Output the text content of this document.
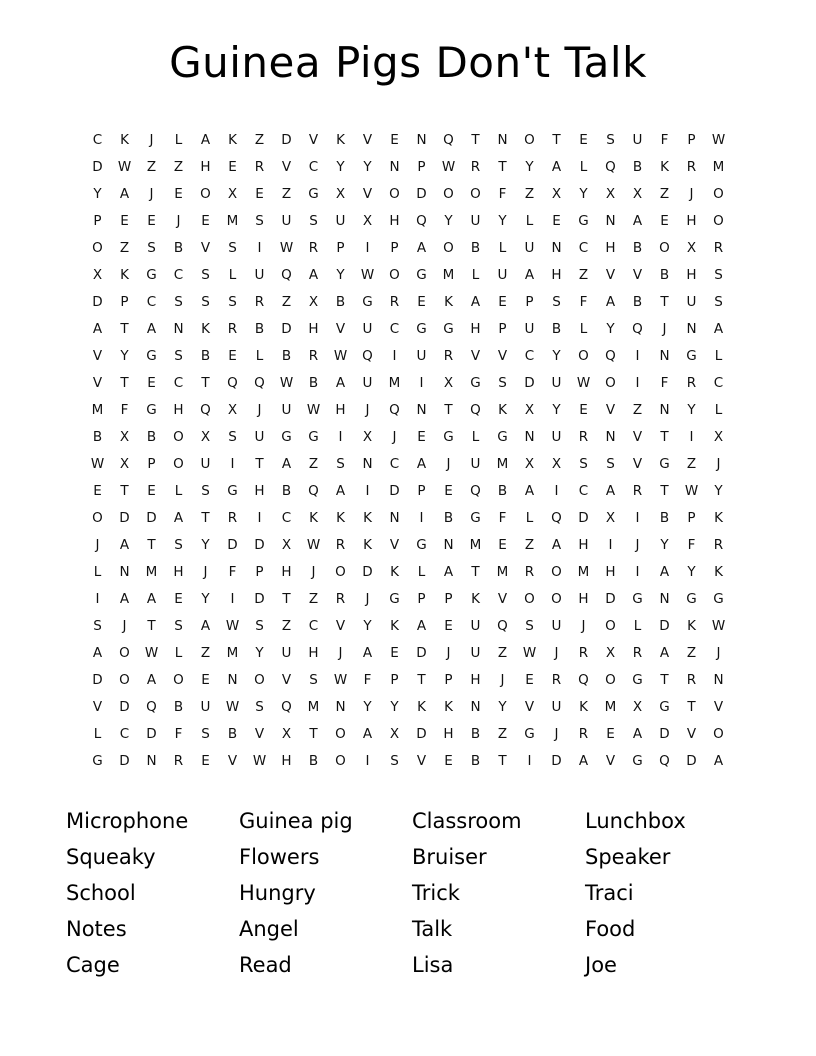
Guinea Pigs Don't Talk
C	K	J	L	A	K	Z	D	V	K	V	E	N	Q	T	N	O	T	E	S	U	F	P	W
D	W	Z	Z	H	E	R	V	C	Y	Y	N	P	W	R	T	Y	A	L	Q	B	K	R	M
Y	A	J	E	O	X	E	Z	G	X	V	O	D	O	O	F	Z	X	Y	X	X	Z	J	O
P	E	E	J	E	M	S	U	S	U	X	H	Q	Y	U	Y	L	E	G	N	A	E	H	O
O	Z	S	B	V	S	I	W	R	P	I	P	A	O	B	L	U	N	C	H	B	O	X	R
X	K	G	C	S	L	U	Q	A	Y	W	O	G	M	L	U	A	H	Z	V	V	B	H	S
D	P	C	S	S	S	R	Z	X	B	G	R	E	K	A	E	P	S	F	A	B	T	U	S
A	T	A	N	K	R	B	D	H	V	U	C	G	G	H	P	U	B	L	Y	Q	J	N	A
V	Y	G	S	B	E	L	B	R	W	Q	I	U	R	V	V	C	Y	O	Q	I	N	G	L
V	T	E	C	T	Q	Q	W	B	A	U	M	I	X	G	S	D	U	W	O	I	F	R	C
M	F	G	H	Q	X	J	U	W	H	J	Q	N	T	Q	K	X	Y	E	V	Z	N	Y	L
B	X	B	O	X	S	U	G	G	I	X	J	E	G	L	G	N	U	R	N	V	T	I	X
W	X	P	O	U	I	T	A	Z	S	N	C	A	J	U	M	X	X	S	S	V	G	Z	J
E	T	E	L	S	G	H	B	Q	A	I	D	P	E	Q	B	A	I	C	A	R	T	W	Y
O	D	D	A	T	R	I	C	K	K	K	N	I	B	G	F	L	Q	D	X	I	B	P	K
J	A	T	S	Y	D	D	X	W	R	K	V	G	N	M	E	Z	A	H	I	J	Y	F	R
L	N	M	H	J	F	P	H	J	O	D	K	L	A	T	M	R	O	M	H	I	A	Y	K
I	A	A	E	Y	I	D	T	Z	R	J	G	P	P	K	V	O	O	H	D	G	N	G	G
S	J	T	S	A	W	S	Z	C	V	Y	K	A	E	U	Q	S	U	J	O	L	D	K	W
A	O	W	L	Z	M	Y	U	H	J	A	E	D	J	U	Z	W	J	R	X	R	A	Z	J
D	O	A	O	E	N	O	V	S	W	F	P	T	P	H	J	E	R	Q	O	G	T	R	N
V	D	Q	B	U	W	S	Q	M	N	Y	Y	K	K	N	Y	V	U	K	M	X	G	T	V
L	C	D	F	S	B	V	X	T	O	A	X	D	H	B	Z	G	J	R	E	A	D	V	O
G	D	N	R	E	V	W	H	B	O	I	S	V	E	B	T	I	D	A	V	G	Q	D	A
Microphone
Squeaky
School
Notes
Cage
Guinea pig
Flowers
Hungry
Angel
Read
Classroom
Bruiser
Trick
Talk
Lisa
Lunchbox
Speaker
Traci
Food
Joe
